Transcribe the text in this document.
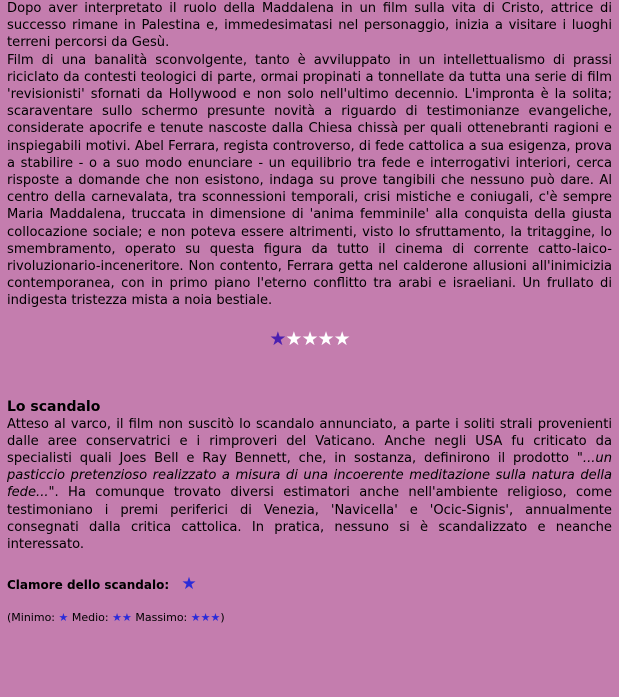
Dopo aver interpretato il ruolo della Maddalena in un film sulla vita di Cristo, attrice di successo rimane in Palestina e, immedesimatasi nel personaggio, inizia a visitare i luoghi terreni percorsi da Gesù.

Film di una banalità sconvolgente, tanto è avviluppato in un intellettualismo di prassi riciclato da contesti teologici di parte, ormai propinati a tonnellate da tutta una serie di film 'revisionisti' sfornati da Hollywood e non solo nell'ultimo decennio. L'impronta è la solita; scaraventare sullo schermo presunte novità a riguardo di testimonianze evangeliche, considerate apocrife e tenute nascoste dalla Chiesa chissà per quali ottenebranti ragioni e inspiegabili motivi. Abel Ferrara, regista controverso, di fede cattolica a sua esigenza, prova a stabilire - o a suo modo enunciare - un equilibrio tra fede e interrogativi interiori, cerca risposte a domande che non esistono, indaga su prove tangibili che nessuno può dare. Al centro della carnevalata, tra sconnessioni temporali, crisi mistiche e coniugali, c'è sempre Maria Maddalena, truccata in dimensione di 'anima femminile' alla conquista della giusta collocazione sociale; e non poteva essere altrimenti, visto lo sfruttamento, la tritaggine, lo smembramento, operato su questa figura da tutto il cinema di corrente catto-laico-rivoluzionario-inceneritore. Non contento, Ferrara getta nel calderone allusioni all'inimicizia contemporanea, con in primo piano l'eterno conflitto tra arabi e israeliani. Un frullato di indigesta tristezza mista a noia bestiale.

★★★★★
Lo scandalo

Atteso al varco, il film non suscitò lo scandalo annunciato, a parte i soliti strali provenienti dalle aree conservatrici e i rimproveri del Vaticano. Anche negli USA fu criticato da specialisti quali Joes Bell e Ray Bennett, che, in sostanza, definirono il prodotto "...un pasticcio pretenzioso realizzato a misura di una incoerente meditazione sulla natura della fede...". Ha comunque trovato diversi estimatori anche nell'ambiente religioso, come testimoniano i premi periferici di Venezia, 'Navicella' e 'Ocic-Signis', annualmente consegnati dalla critica cattolica. In pratica, nessuno si è scandalizzato e neanche interessato.

Clamore dello scandalo: ★
(Minimo: ★ Medio: ★★ Massimo: ★★★)
